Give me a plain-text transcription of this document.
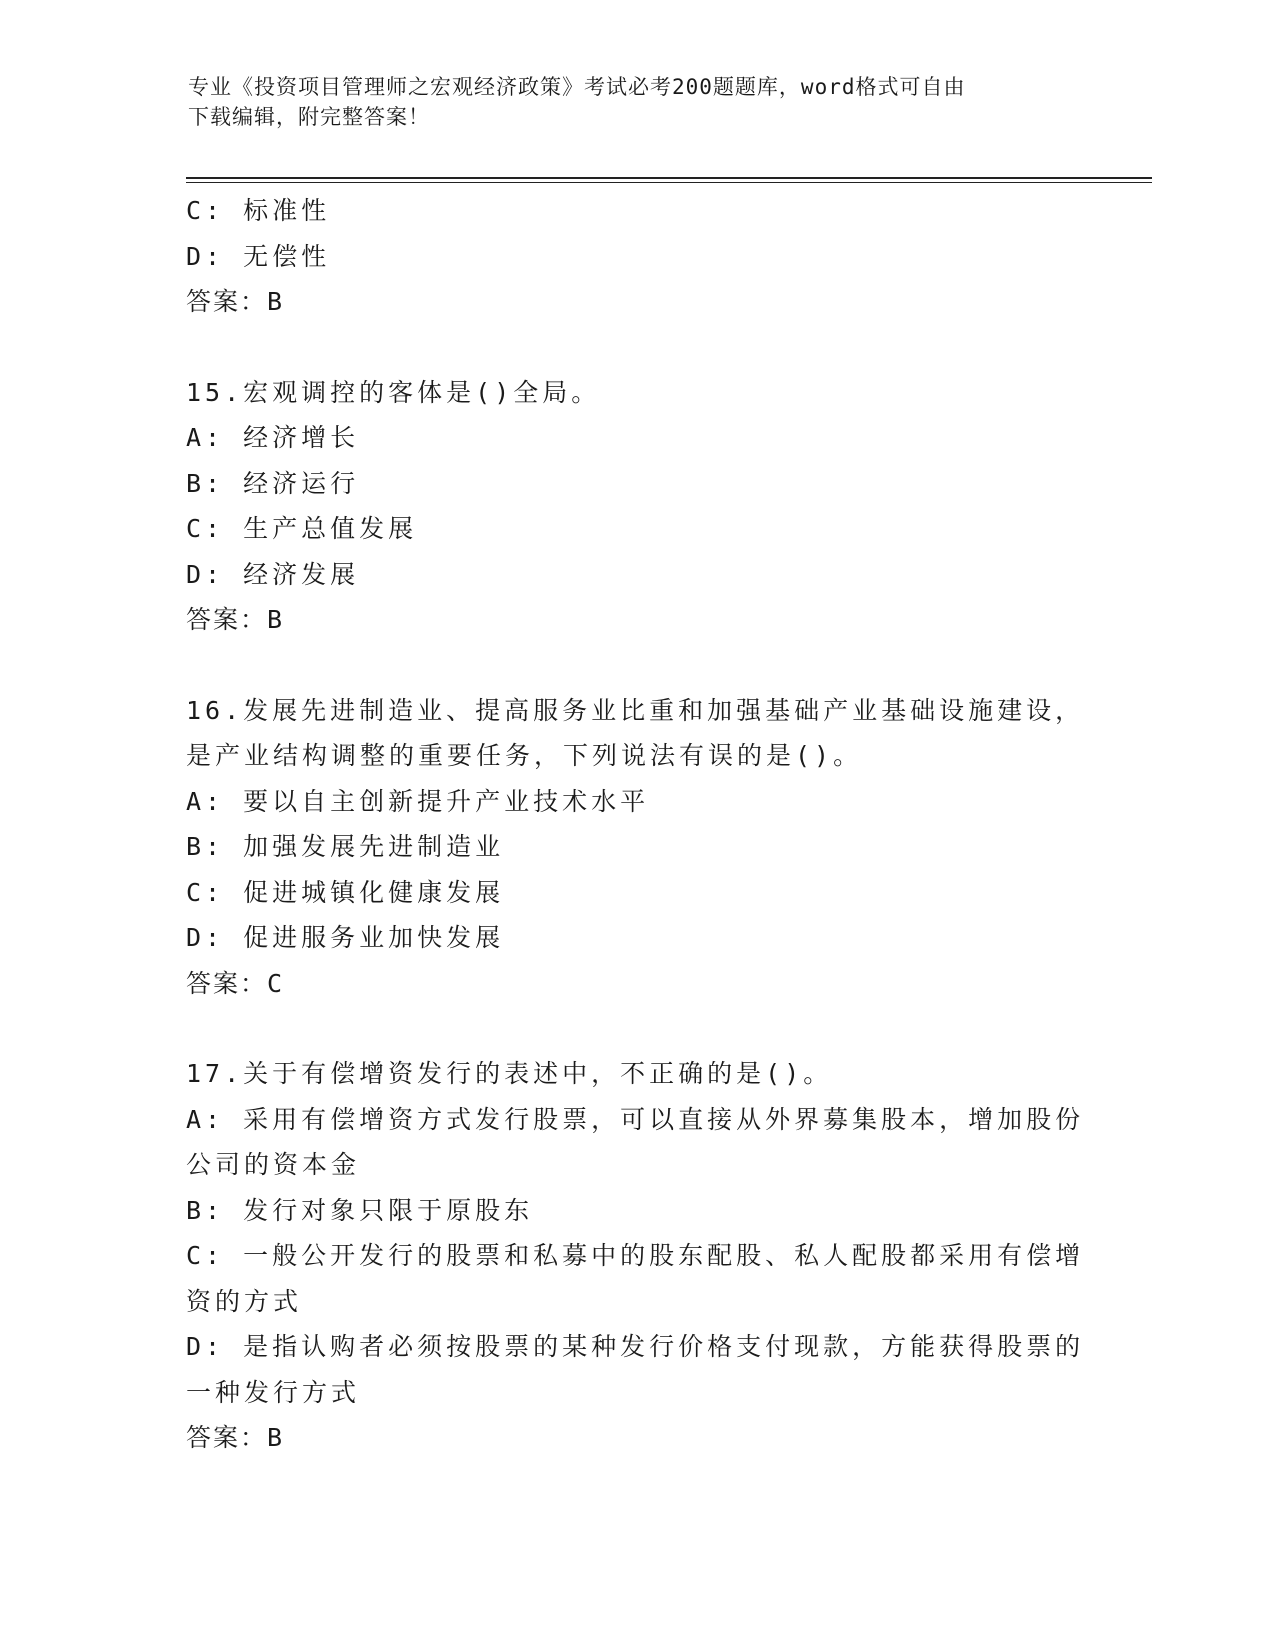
专业《投资项目管理师之宏观经济政策》考试必考200题题库，word格式可自由
下载编辑，附完整答案！
C: 标准性
D: 无偿性
答案：B
15.宏观调控的客体是()全局。
A: 经济增长
B: 经济运行
C: 生产总值发展
D: 经济发展
答案：B
16.发展先进制造业、提高服务业比重和加强基础产业基础设施建设，
是产业结构调整的重要任务，下列说法有误的是()。
A: 要以自主创新提升产业技术水平
B: 加强发展先进制造业
C: 促进城镇化健康发展
D: 促进服务业加快发展
答案：C
17.关于有偿增资发行的表述中，不正确的是()。
A: 采用有偿增资方式发行股票，可以直接从外界募集股本，增加股份
公司的资本金
B: 发行对象只限于原股东
C: 一般公开发行的股票和私募中的股东配股、私人配股都采用有偿增
资的方式
D: 是指认购者必须按股票的某种发行价格支付现款，方能获得股票的
一种发行方式
答案：B
